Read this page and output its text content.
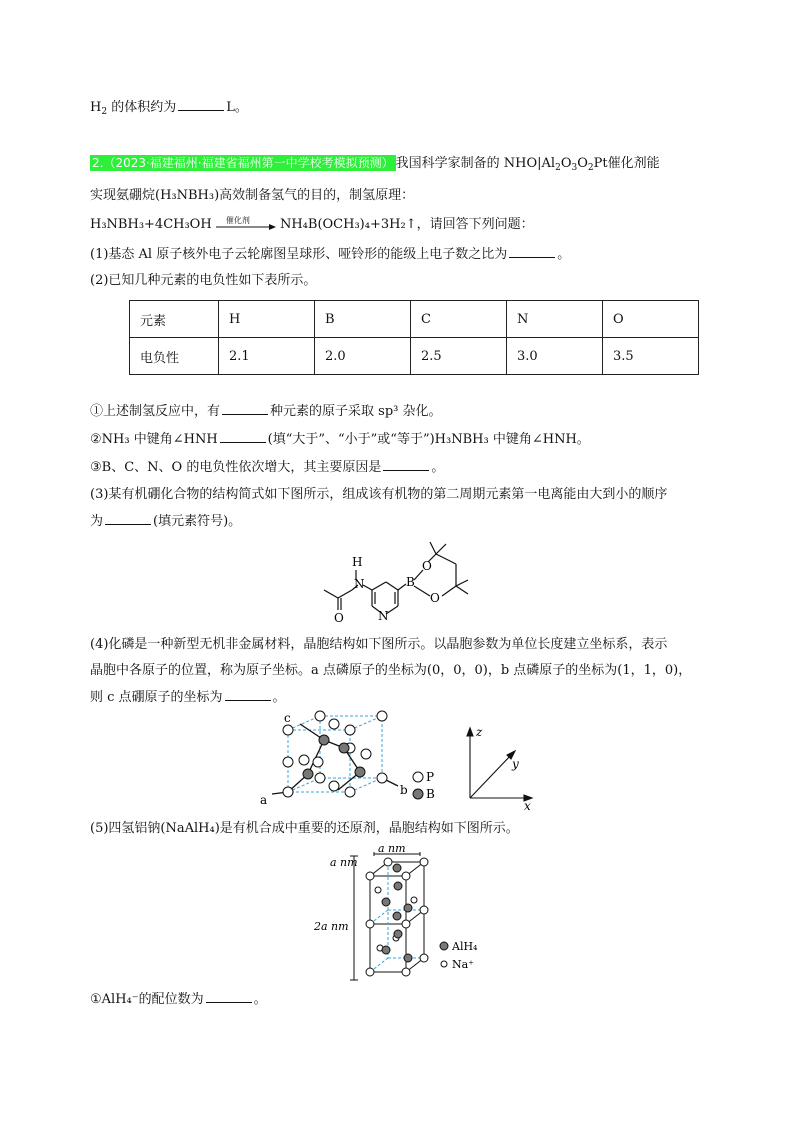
$H_2$ 的体积约为	L。
2.（2023·福建福州·福建省福州第一中学校考模拟预测） 我国科学家制备的 $NHO|Al_2O_3O_2Pt$催化剂能
实现氨硼烷(H₃NBH₃)高效制备氢气的目的，制氢原理：
H₃NBH₃+4CH₃OH 催化剂 NH₄B(OCH₃)₄+3H₂↑，请回答下列问题：
(1)基态 Al 原子核外电子云轮廓图呈球形、哑铃形的能级上电子数之比为	。
(2)已知几种元素的电负性如下表所示。
元素	H	B	C	N	O
电负性	2.1	2.0	2.5	3.0	3.5
①上述制氢反应中，有	种元素的原子采取 sp³ 杂化。
②NH₃ 中键角∠HNH	(填“大于”、“小于”或“等于”)H₃NBH₃ 中键角∠HNH。
③B、C、N、O 的电负性依次增大，其主要原因是	。
(3)某有机硼化合物的结构简式如下图所示，组成该有机物的第二周期元素第一电离能由大到小的顺序
为	(填元素符号)。
O
N
H
N
B
O
O
(4)化磷是一种新型无机非金属材料，晶胞结构如下图所示。以晶胞参数为单位长度建立坐标系，表示
晶胞中各原子的位置，称为原子坐标。a 点磷原子的坐标为(0，0，0)，b 点磷原子的坐标为(1，1，0)，
则 c 点硼原子的坐标为	。
c
a
b
P
B
z
y
x
(5)四氢铝钠(NaAlH₄)是有机合成中重要的还原剂，晶胞结构如下图所示。
a nm
a nm
2a nm
AlH₄
Na⁺
①AlH₄⁻的配位数为	。
